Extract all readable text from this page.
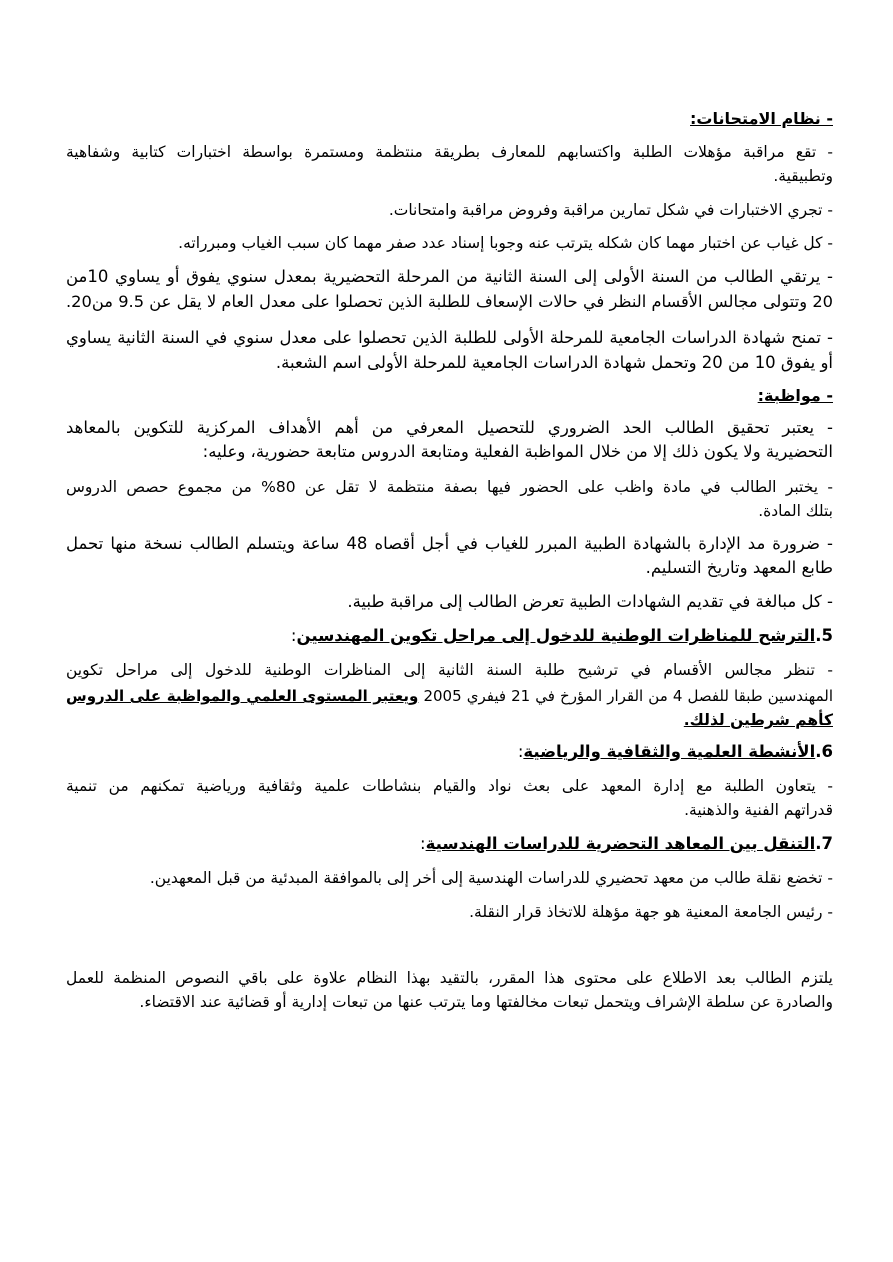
- نظام الامتحانات:
- تقع مراقبة مؤهلات الطلبة واكتسابهم للمعارف بطريقة منتظمة ومستمرة بواسطة اختبارات كتابية وشفاهية
وتطبيقية.
- تجري الاختبارات في شكل تمارين مراقبة وفروض مراقبة وامتحانات.
- كل غياب عن اختبار مهما كان شكله يترتب عنه وجوبا إسناد عدد صفر مهما كان سبب الغياب ومبرراته.
- يرتقي الطالب من السنة الأولى إلى السنة الثانية من المرحلة التحضيرية بمعدل سنوي يفوق أو يساوي 10من
20 وتتولى مجالس الأقسام النظر في حالات الإسعاف للطلبة الذين تحصلوا على معدل العام لا يقل عن 9.5 من20.
- تمنح شهادة الدراسات الجامعية للمرحلة الأولى للطلبة الذين تحصلوا على معدل سنوي في السنة الثانية يساوي
أو يفوق 10 من 20 وتحمل شهادة الدراسات الجامعية للمرحلة الأولى اسم الشعبة.
- مواظبة:
- يعتبر تحقيق الطالب الحد الضروري للتحصيل المعرفي من أهم الأهداف المركزية للتكوين بالمعاهد
التحضيرية ولا يكون ذلك إلا من خلال المواظبة الفعلية ومتابعة الدروس متابعة حضورية، وعليه:
- يختبر الطالب في مادة واظب على الحضور فيها بصفة منتظمة لا تقل عن 80% من مجموع حصص الدروس
بتلك المادة.
- ضرورة مد الإدارة بالشهادة الطبية المبرر للغياب في أجل أقصاه 48 ساعة ويتسلم الطالب نسخة منها تحمل
طابع المعهد وتاريخ التسليم.
- كل مبالغة في تقديم الشهادات الطبية تعرض الطالب إلى مراقبة طبية.
5.الترشح للمناظرات الوطنية للدخول إلى مراحل تكوين المهندسين:
- تنظر مجالس الأقسام في ترشيح طلبة السنة الثانية إلى المناظرات الوطنية للدخول إلى مراحل تكوين
المهندسين طبقا للفصل 4 من القرار المؤرخ في 21 فيفري 2005 ويعتبر المستوى العلمي والمواظبة على الدروس
كأهم شرطين لذلك.
6.الأنشطة العلمية والثقافية والرياضية:
- يتعاون الطلبة مع إدارة المعهد على بعث نواد والقيام بنشاطات علمية وثقافية ورياضية تمكنهم من تنمية
قدراتهم الفنية والذهنية.
7.التنقل بين المعاهد التحضرية للدراسات الهندسية:
- تخضع نقلة طالب من معهد تحضيري للدراسات الهندسية إلى أخر إلى بالموافقة المبدئية من قبل المعهدين.
- رئيس الجامعة المعنية هو جهة مؤهلة للاتخاذ قرار النقلة.
يلتزم الطالب بعد الاطلاع على محتوى هذا المقرر، بالتقيد بهذا النظام علاوة على باقي النصوص المنظمة للعمل
والصادرة عن سلطة الإشراف ويتحمل تبعات مخالفتها وما يترتب عنها من تبعات إدارية أو قضائية عند الاقتضاء.
